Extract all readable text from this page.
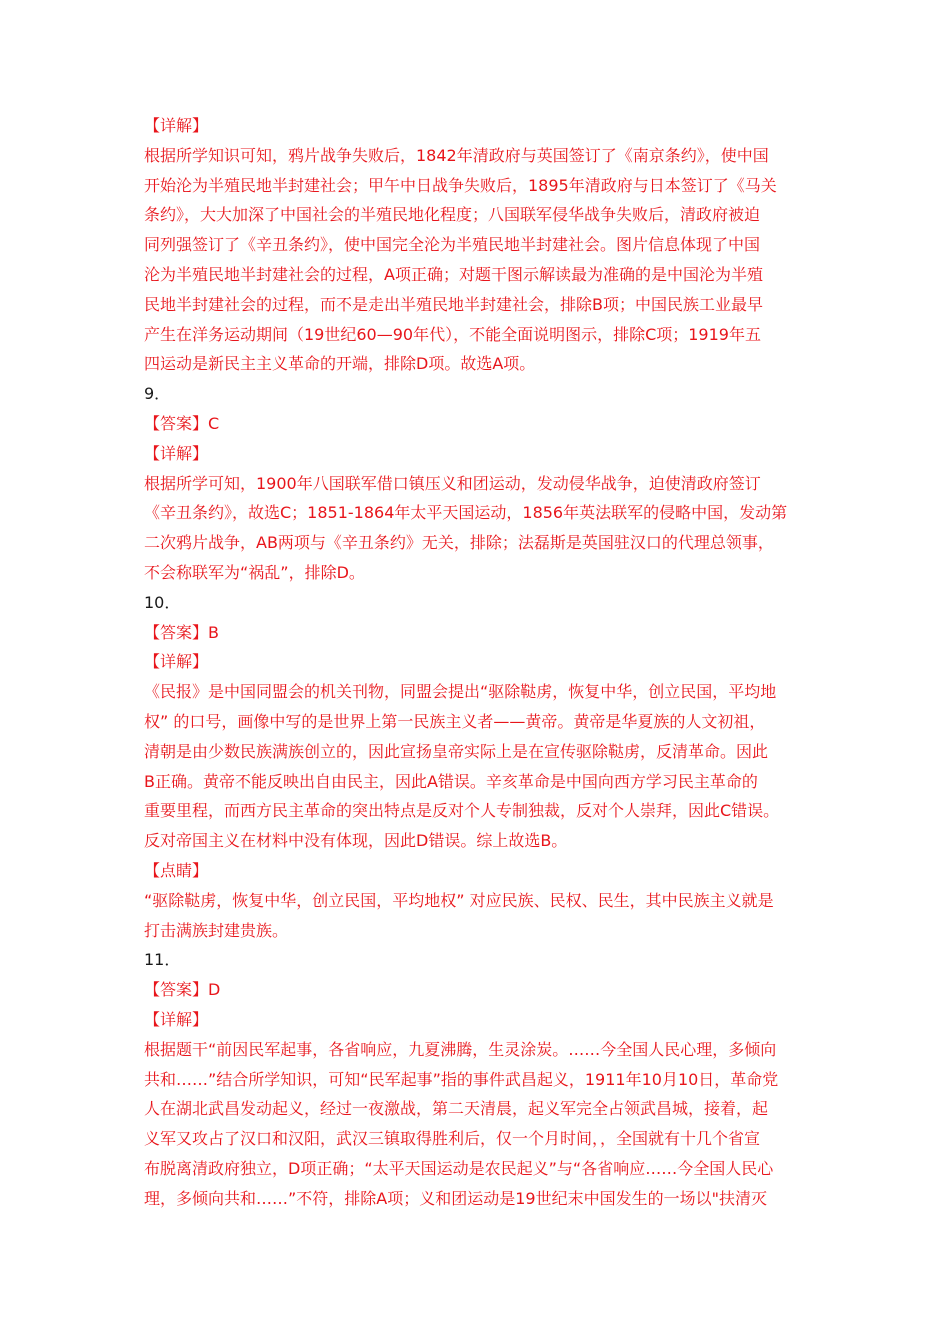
【详解】
根据所学知识可知，鸦片战争失败后，1842年清政府与英国签订了《南京条约》，使中国
开始沦为半殖民地半封建社会；甲午中日战争失败后，1895年清政府与日本签订了《马关
条约》，大大加深了中国社会的半殖民地化程度；八国联军侵华战争失败后，清政府被迫
同列强签订了《辛丑条约》，使中国完全沦为半殖民地半封建社会。图片信息体现了中国
沦为半殖民地半封建社会的过程，A项正确；对题干图示解读最为准确的是中国沦为半殖
民地半封建社会的过程，而不是走出半殖民地半封建社会，排除B项；中国民族工业最早
产生在洋务运动期间（19世纪60—90年代），不能全面说明图示，排除C项；1919年五
四运动是新民主主义革命的开端，排除D项。故选A项。
9．
【答案】C
【详解】
根据所学可知，1900年八国联军借口镇压义和团运动，发动侵华战争，迫使清政府签订
《辛丑条约》，故选C；1851-1864年太平天国运动，1856年英法联军的侵略中国，发动第
二次鸦片战争，AB两项与《辛丑条约》无关，排除；法磊斯是英国驻汉口的代理总领事，
不会称联军为“祸乱”，排除D。
10．
【答案】B
【详解】
《民报》是中国同盟会的机关刊物，同盟会提出“驱除鞑虏，恢复中华，创立民国，平均地
权” 的口号，画像中写的是世界上第一民族主义者——黄帝。黄帝是华夏族的人文初祖，
清朝是由少数民族满族创立的，因此宣扬皇帝实际上是在宣传驱除鞑虏，反清革命。因此
B正确。黄帝不能反映出自由民主，因此A错误。辛亥革命是中国向西方学习民主革命的
重要里程，而西方民主革命的突出特点是反对个人专制独裁，反对个人崇拜，因此C错误。
反对帝国主义在材料中没有体现，因此D错误。综上故选B。
【点睛】
“驱除鞑虏，恢复中华，创立民国，平均地权” 对应民族、民权、民生，其中民族主义就是
打击满族封建贵族。
11．
【答案】D
【详解】
根据题干“前因民军起事，各省响应，九夏沸腾，生灵涂炭。……今全国人民心理，多倾向
共和……”结合所学知识，可知“民军起事”指的事件武昌起义，1911年10月10日，革命党
人在湖北武昌发动起义，经过一夜激战，第二天清晨，起义军完全占领武昌城，接着，起
义军又攻占了汉口和汉阳，武汉三镇取得胜利后，仅一个月时间，，全国就有十几个省宣
布脱离清政府独立，D项正确；“太平天国运动是农民起义”与“各省响应……今全国人民心
理，多倾向共和……”不符，排除A项；义和团运动是19世纪末中国发生的一场以"扶清灭
